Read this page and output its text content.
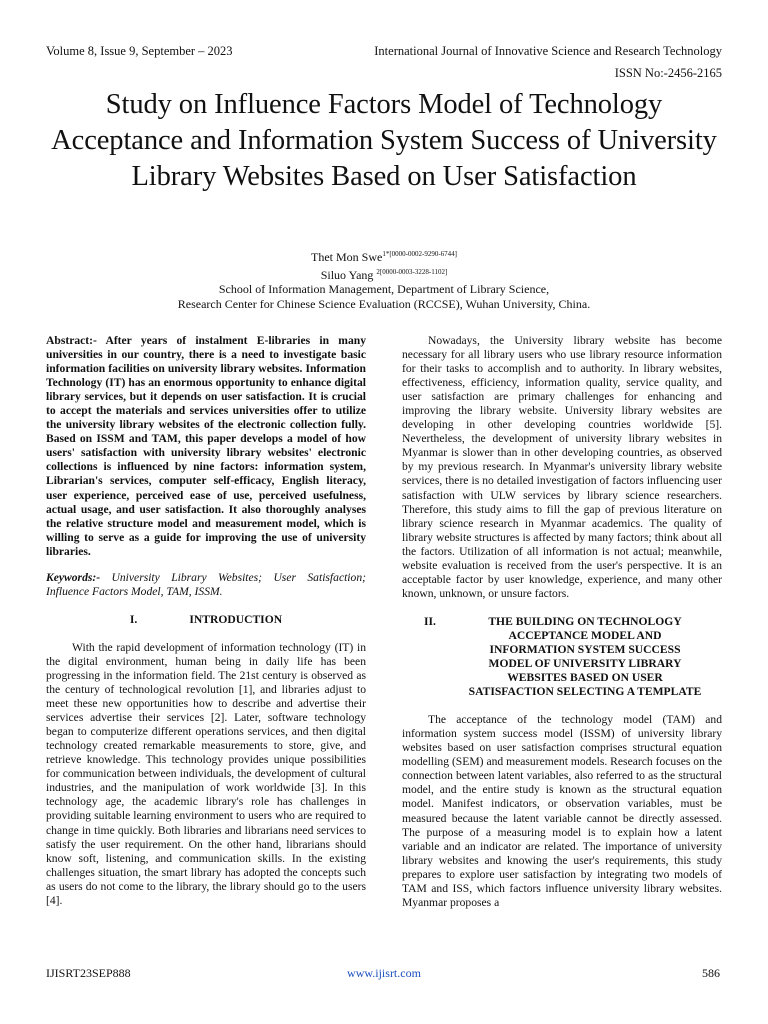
Volume 8, Issue 9, September – 2023	International Journal of Innovative Science and Research Technology
ISSN No:-2456-2165
Study on Influence Factors Model of Technology Acceptance and Information System Success of University Library Websites Based on User Satisfaction
Thet Mon Swe$^{1*[0000-0002-9290-6744]}$
Siluo Yang $^{2[0000-0003-3228-1102]}$
School of Information Management, Department of Library Science,
Research Center for Chinese Science Evaluation (RCCSE), Wuhan University, China.

Abstract:- After years of instalment E-libraries in many universities in our country, there is a need to investigate basic information facilities on university library websites. Information Technology (IT) has an enormous opportunity to enhance digital library services, but it depends on user satisfaction. It is crucial to accept the materials and services universities offer to utilize the university library websites of the electronic collection fully. Based on ISSM and TAM, this paper develops a model of how users' satisfaction with university library websites' electronic collections is influenced by nine factors: information system, Librarian's services, computer self-efficacy, English literacy, user experience, perceived ease of use, perceived usefulness, actual usage, and user satisfaction. It also thoroughly analyses the relative structure model and measurement model, which is willing to serve as a guide for improving the use of university libraries.

Keywords:- University Library Websites; User Satisfaction; Influence Factors Model, TAM, ISSM.

I.	INTRODUCTION

With the rapid development of information technology (IT) in the digital environment, human being in daily life has been progressing in the information field. The 21st century is observed as the century of technological revolution [1], and libraries adjust to meet these new opportunities how to describe and advertise their services advertise their services [2]. Later, software technology began to computerize different operations services, and then digital technology created remarkable measurements to store, give, and retrieve knowledge. This technology provides unique possibilities for communication between individuals, the development of cultural industries, and the manipulation of work worldwide [3]. In this technology age, the academic library's role has challenges in providing suitable learning environment to users who are required to change in time quickly. Both libraries and librarians need services to satisfy the user requirement. On the other hand, librarians should know soft, listening, and communication skills. In the existing challenges situation, the smart library has adopted the concepts such as users do not come to the library, the library should go to the users [4].

Nowadays, the University library website has become necessary for all library users who use library resource information for their tasks to accomplish and to authority. In library websites, effectiveness, efficiency, information quality, service quality, and user satisfaction are primary challenges for enhancing and improving the library website. University library websites are developing in other developing countries worldwide [5]. Nevertheless, the development of university library websites in Myanmar is slower than in other developing countries, as observed by my previous research. In Myanmar's university library website services, there is no detailed investigation of factors influencing user satisfaction with ULW services by library science researchers. Therefore, this study aims to fill the gap of previous literature on library science research in Myanmar academics. The quality of library website structures is affected by many factors; think about all the factors. Utilization of all information is not actual; meanwhile, website evaluation is received from the user's perspective. It is an acceptable factor by user knowledge, experience, and many other known, unknown, or unsure factors.

II.	THE BUILDING ON TECHNOLOGY ACCEPTANCE MODEL AND INFORMATION SYSTEM SUCCESS MODEL OF UNIVERSITY LIBRARY WEBSITES BASED ON USER SATISFACTION SELECTING A TEMPLATE

The acceptance of the technology model (TAM) and information system success model (ISSM) of university library websites based on user satisfaction comprises structural equation modelling (SEM) and measurement models. Research focuses on the connection between latent variables, also referred to as the structural model, and the entire study is known as the structural equation model. Manifest indicators, or observation variables, must be measured because the latent variable cannot be directly assessed. The purpose of a measuring model is to explain how a latent variable and an indicator are related. The importance of university library websites and knowing the user's requirements, this study prepares to explore user satisfaction by integrating two models of TAM and ISS, which factors influence university library websites. Myanmar proposes a

IJISRT23SEP888	www.ijisrt.com	586
